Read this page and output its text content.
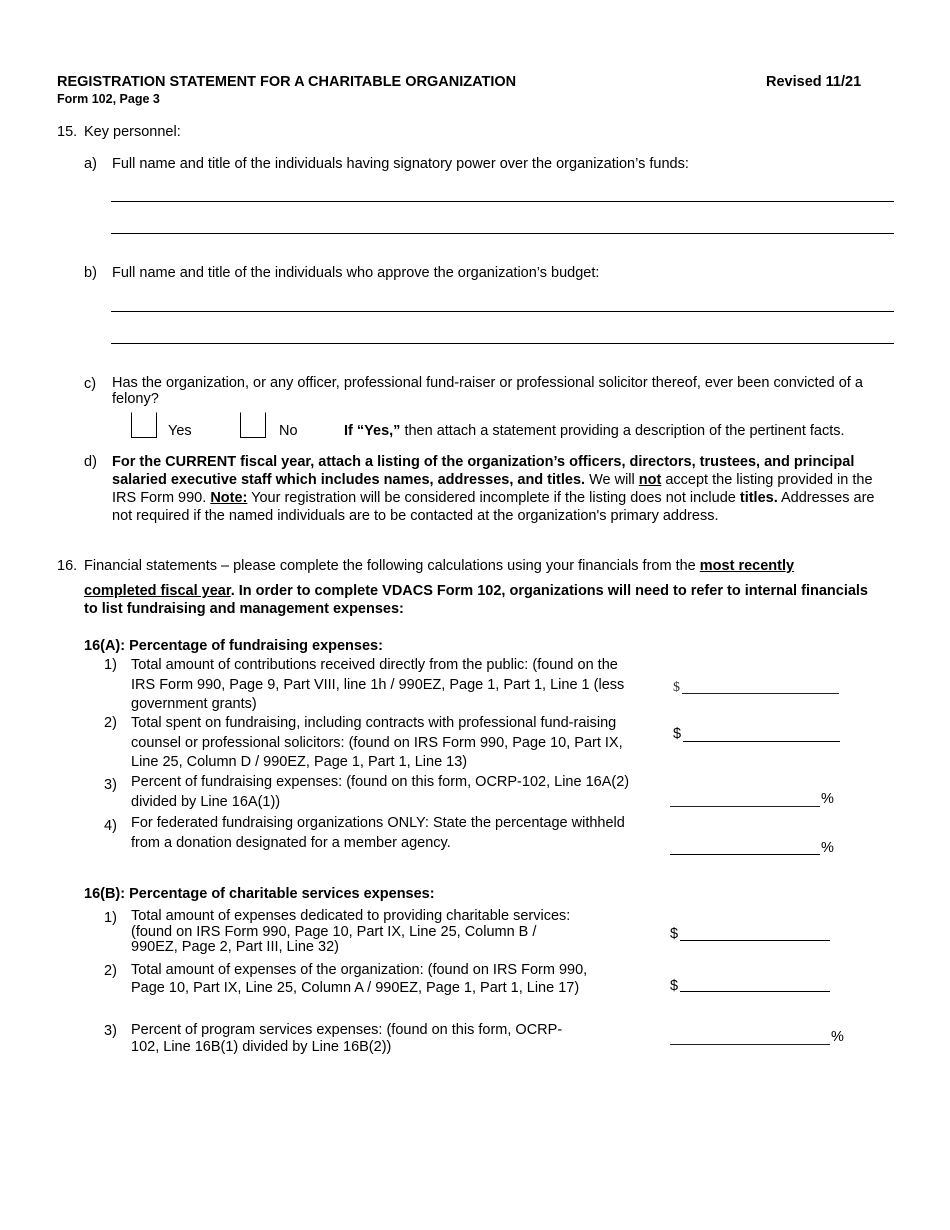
REGISTRATION STATEMENT FOR A CHARITABLE ORGANIZATION
Form 102, Page 3
Revised 11/21
15. Key personnel:
a) Full name and title of the individuals having signatory power over the organization’s funds:
b) Full name and title of the individuals who approve the organization’s budget:
c) Has the organization, or any officer, professional fund-raiser or professional solicitor thereof, ever been convicted of a felony?
Yes	No	If “Yes,” then attach a statement providing a description of the pertinent facts.
d) For the CURRENT fiscal year, attach a listing of the organization’s officers, directors, trustees, and principal salaried executive staff which includes names, addresses, and titles. We will not accept the listing provided in the IRS Form 990. Note: Your registration will be considered incomplete if the listing does not include titles. Addresses are not required if the named individuals are to be contacted at the organization's primary address.
16. Financial statements – please complete the following calculations using your financials from the most recently
completed fiscal year. In order to complete VDACS Form 102, organizations will need to refer to internal financials to list fundraising and management expenses:
16(A): Percentage of fundraising expenses:
1) Total amount of contributions received directly from the public: (found on the IRS Form 990, Page 9, Part VIII, line 1h / 990EZ, Page 1, Part 1, Line 1 (less government grants)
$
2) Total spent on fundraising, including contracts with professional fund-raising counsel or professional solicitors: (found on IRS Form 990, Page 10, Part IX, Line 25, Column D / 990EZ, Page 1, Part 1, Line 13)
$
3) Percent of fundraising expenses: (found on this form, OCRP-102, Line 16A(2) divided by Line 16A(1))	%
4) For federated fundraising organizations ONLY: State the percentage withheld from a donation designated for a member agency.	%
16(B): Percentage of charitable services expenses:
1) Total amount of expenses dedicated to providing charitable services: (found on IRS Form 990, Page 10, Part IX, Line 25, Column B / 990EZ, Page 2, Part III, Line 32)
$
2) Total amount of expenses of the organization: (found on IRS Form 990, Page 10, Part IX, Line 25, Column A / 990EZ, Page 1, Part 1, Line 17)	$
3) Percent of program services expenses: (found on this form, OCRP-102, Line 16B(1) divided by Line 16B(2))
%
